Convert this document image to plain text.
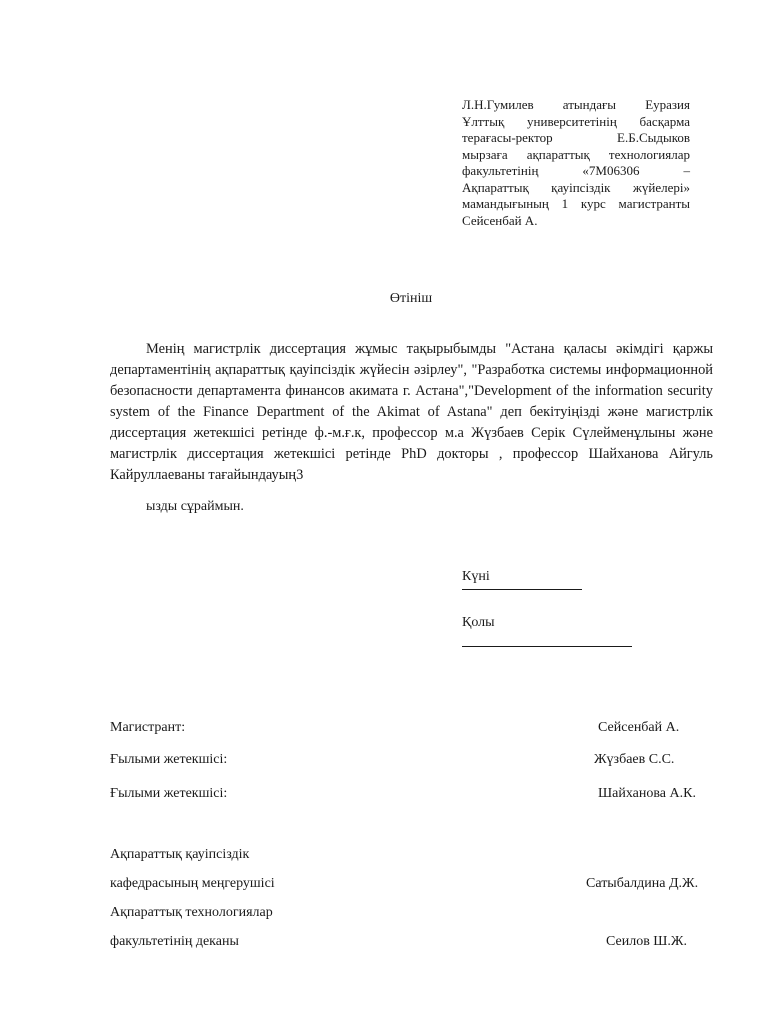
Л.Н.Гумилев атындағы Еуразия
Ұлттық университетінің басқарма
терағасы-ректор Е.Б.Сыдыков
мырзаға ақпараттық технологиялар
факультетінің «7М06306 –
Ақпараттық қауіпсіздік жүйелері»
мамандығының 1 курс магистранты
Сейсенбай А.
Өтініш
Менің магистрлік диссертация жұмыс тақырыбымды "Астана қаласы әкімдігі қаржы департаментінің ақпараттық қауіпсіздік жүйесін әзірлеу", "Разработка системы информационной безопасности департамента финансов акимата г. Астана","Development of the information security system of the Finance Department of the Akimat of Astana" деп бекітуіңізді және магистрлік диссертация жетекшісі ретінде ф.-м.ғ.к, профессор м.а Жүзбаев Серік Сүлейменұлыны және магистрлік диссертация жетекшісі ретінде PhD докторы , профессор Шайханова Айгуль Кайруллаевaны тағайындауың3
ызды сұраймын.
Күні
Қолы
Магистрант:	Сейсенбай А.
Ғылыми жетекшісі:	Жүзбаев С.С.
Ғылыми жетекшісі:	Шайханова А.К.
Ақпараттық қауіпсіздік
кафедрасының меңгерушісі	Сатыбалдина Д.Ж.
Ақпараттық технологиялар
факультетінің деканы	Сеилов Ш.Ж.
